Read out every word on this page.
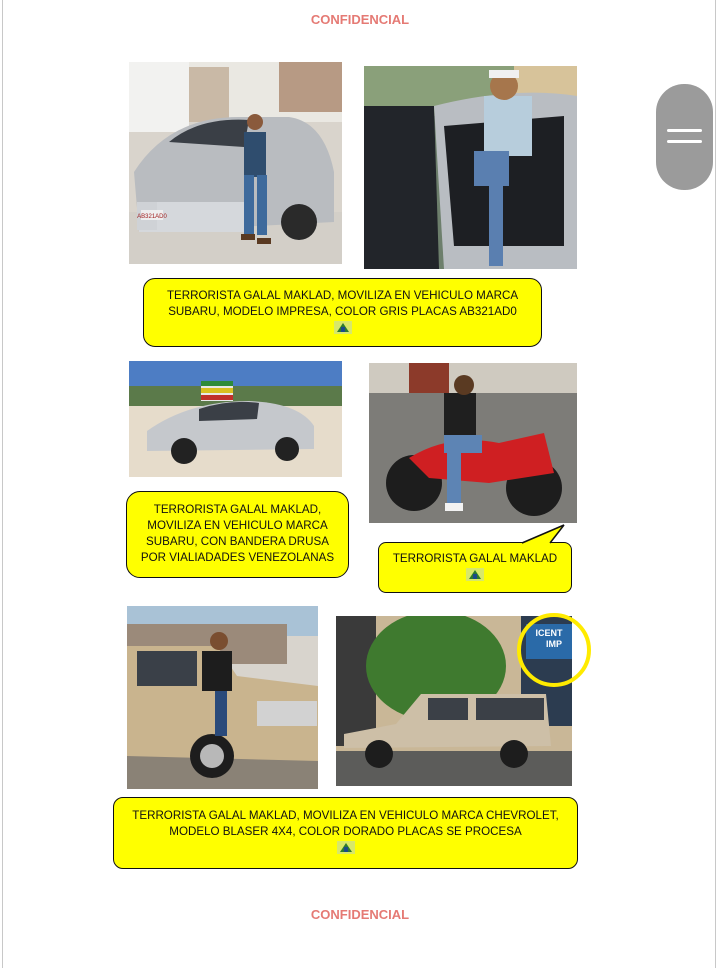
CONFIDENCIAL
AB321AD0
TERRORISTA GALAL MAKLAD, MOVILIZA EN VEHICULO MARCA
SUBARU, MODELO IMPRESA, COLOR GRIS PLACAS AB321AD0
TERRORISTA GALAL MAKLAD,
MOVILIZA EN VEHICULO MARCA
SUBARU, CON BANDERA DRUSA
POR VIALIADADES VENEZOLANAS	TERRORISTA GALAL MAKLAD
ICENT
IMP
TERRORISTA GALAL MAKLAD, MOVILIZA EN VEHICULO MARCA CHEVROLET,
MODELO BLASER 4X4, COLOR DORADO PLACAS SE PROCESA
CONFIDENCIAL
